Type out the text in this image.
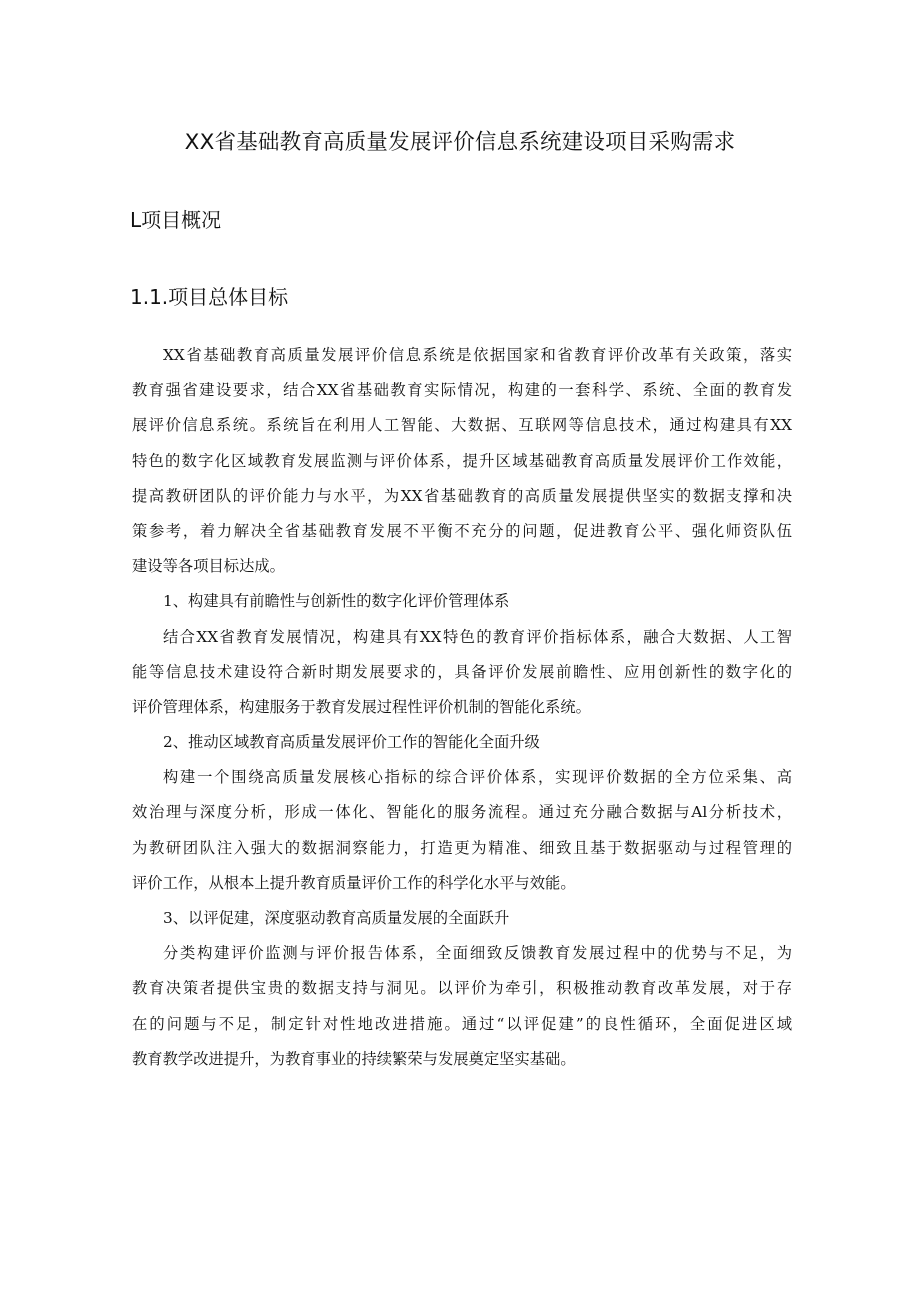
XX省基础教育高质量发展评价信息系统建设项目采购需求
L项目概况
1.1.项目总体目标
XX省基础教育高质量发展评价信息系统是依据国家和省教育评价改革有关政策，落实
教育强省建设要求，结合XX省基础教育实际情况，构建的一套科学、系统、全面的教育发
展评价信息系统。系统旨在利用人工智能、大数据、互联网等信息技术，通过构建具有XX
特色的数字化区域教育发展监测与评价体系，提升区域基础教育高质量发展评价工作效能，
提高教研团队的评价能力与水平，为XX省基础教育的高质量发展提供坚实的数据支撑和决
策参考，着力解决全省基础教育发展不平衡不充分的问题，促进教育公平、强化师资队伍
建设等各项目标达成。
1、构建具有前瞻性与创新性的数字化评价管理体系
结合XX省教育发展情况，构建具有XX特色的教育评价指标体系，融合大数据、人工智
能等信息技术建设符合新时期发展要求的，具备评价发展前瞻性、应用创新性的数字化的
评价管理体系，构建服务于教育发展过程性评价机制的智能化系统。
2、推动区域教育高质量发展评价工作的智能化全面升级
构建一个围绕高质量发展核心指标的综合评价体系，实现评价数据的全方位采集、高
效治理与深度分析，形成一体化、智能化的服务流程。通过充分融合数据与Al分析技术，
为教研团队注入强大的数据洞察能力，打造更为精准、细致且基于数据驱动与过程管理的
评价工作，从根本上提升教育质量评价工作的科学化水平与效能。
3、以评促建，深度驱动教育高质量发展的全面跃升
分类构建评价监测与评价报告体系，全面细致反馈教育发展过程中的优势与不足，为
教育决策者提供宝贵的数据支持与洞见。以评价为牵引，积极推动教育改革发展，对于存
在的问题与不足，制定针对性地改进措施。通过“以评促建”的良性循环，全面促进区域
教育教学改进提升，为教育事业的持续繁荣与发展奠定坚实基础。
